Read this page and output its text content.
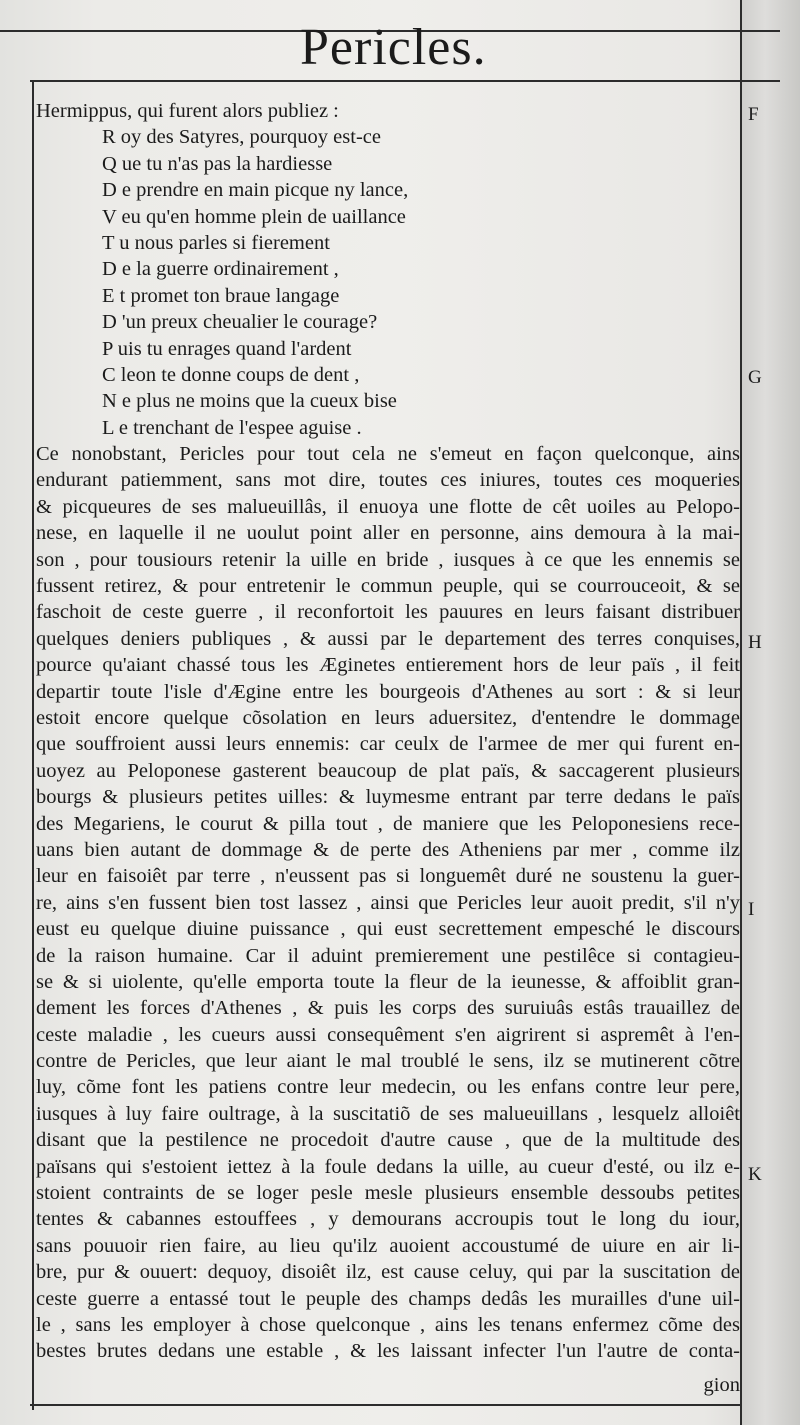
Pericles.
Hermippus, qui furent alors publiez :
R oy des Satyres, pourquoy est-ce
Q ue tu n'as pas la hardiesse
D e prendre en main picque ny lance,
V eu qu'en homme plein de uaillance
T u nous parles si fierement
D e la guerre ordinairement ,
E t promet ton braue langage
D 'un preux cheualier le courage?
P uis tu enrages quand l'ardent
C leon te donne coups de dent ,
N e plus ne moins que la cueux bise
L e trenchant de l'espee aguise .
Ce nonobstant, Pericles pour tout cela ne s'emeut en façon quelconque, ains
endurant patiemment, sans mot dire, toutes ces iniures, toutes ces moqueries
& picqueures de ses malueuillâs, il enuoya une flotte de cêt uoiles au Pelopo-
nese, en laquelle il ne uoulut point aller en personne, ains demoura à la mai-
son , pour tousiours retenir la uille en bride , iusques à ce que les ennemis se
fussent retirez, & pour entretenir le commun peuple, qui se courrouceoit, & se
faschoit de ceste guerre , il reconfortoit les pauures en leurs faisant distribuer
quelques deniers publiques , & aussi par le departement des terres conquises,
pource qu'aiant chassé tous les Æginetes entierement hors de leur païs , il feit
departir toute l'isle d'Ægine entre les bourgeois d'Athenes au sort : & si leur
estoit encore quelque cõsolation en leurs aduersitez, d'entendre le dommage
que souffroient aussi leurs ennemis: car ceulx de l'armee de mer qui furent en-
uoyez au Peloponese gasterent beaucoup de plat païs, & saccagerent plusieurs
bourgs & plusieurs petites uilles: & luymesme entrant par terre dedans le païs
des Megariens, le courut & pilla tout , de maniere que les Peloponesiens rece-
uans bien autant de dommage & de perte des Atheniens par mer , comme ilz
leur en faisoiêt par terre , n'eussent pas si longuemêt duré ne soustenu la guer-
re, ains s'en fussent bien tost lassez , ainsi que Pericles leur auoit predit, s'il n'y
eust eu quelque diuine puissance , qui eust secrettement empesché le discours
de la raison humaine. Car il aduint premierement une pestilêce si contagieu-
se & si uiolente, qu'elle emporta toute la fleur de la ieunesse, & affoiblit gran-
dement les forces d'Athenes , & puis les corps des suruiuâs estâs trauaillez de
ceste maladie , les cueurs aussi consequêment s'en aigrirent si aspremêt à l'en-
contre de Pericles, que leur aiant le mal troublé le sens, ilz se mutinerent cõtre
luy, cõme font les patiens contre leur medecin, ou les enfans contre leur pere,
iusques à luy faire oultrage, à la suscitatiõ de ses malueuillans , lesquelz alloiêt
disant que la pestilence ne procedoit d'autre cause , que de la multitude des
païsans qui s'estoient iettez à la foule dedans la uille, au cueur d'esté, ou ilz e-
stoient contraints de se loger pesle mesle plusieurs ensemble dessoubs petites
tentes & cabannes estouffees , y demourans accroupis tout le long du iour,
sans pouuoir rien faire, au lieu qu'ilz auoient accoustumé de uiure en air li-
bre, pur & ouuert: dequoy, disoiêt ilz, est cause celuy, qui par la suscitation de
ceste guerre a entassé tout le peuple des champs dedâs les murailles d'une uil-
le , sans les employer à chose quelconque , ains les tenans enfermez cõme des
bestes brutes dedans une estable , & les laissant infecter l'un l'autre de conta-
gion
F
G
H
I
K
